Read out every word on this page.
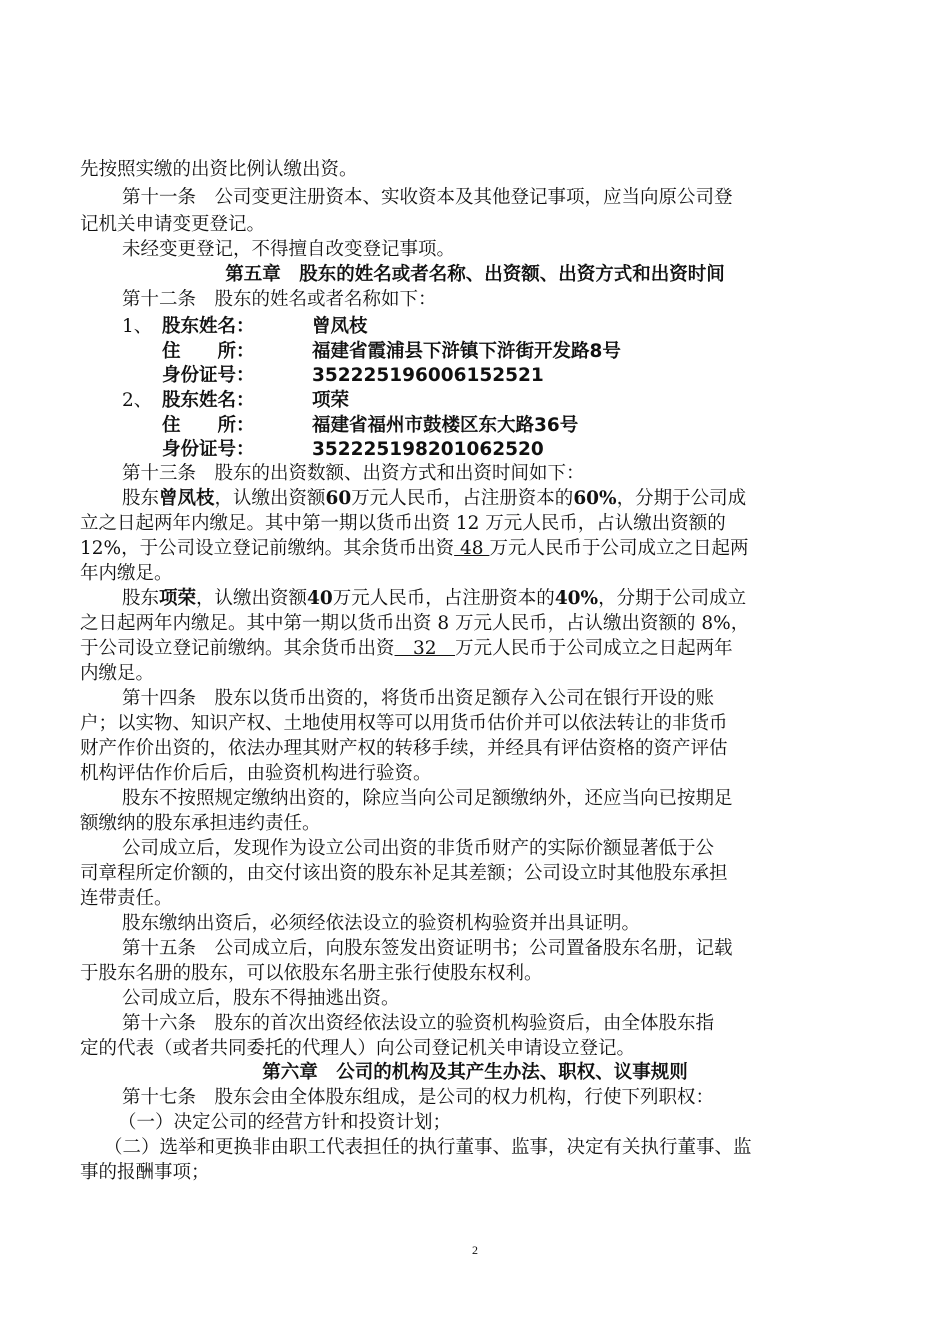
先按照实缴的出资比例认缴出资。
第十一条　公司变更注册资本、实收资本及其他登记事项，应当向原公司登
记机关申请变更登记。
未经变更登记，不得擅自改变登记事项。
第五章　股东的姓名或者名称、出资额、出资方式和出资时间
第十二条　股东的姓名或者名称如下：
1、 股东姓名：	曾凤枝
住　　所：	福建省霞浦县下浒镇下浒街开发路8号
身份证号：	352225196006152521
2、 股东姓名：	项荣
住　　所：	福建省福州市鼓楼区东大路36号
身份证号：	352225198201062520
第十三条　股东的出资数额、出资方式和出资时间如下：
股东曾凤枝，认缴出资额60万元人民币，占注册资本的60%，分期于公司成
立之日起两年内缴足。其中第一期以货币出资 12 万元人民币，占认缴出资额的
12%，于公司设立登记前缴纳。其余货币出资 48 万元人民币于公司成立之日起两
年内缴足。
股东项荣，认缴出资额40万元人民币，占注册资本的40%，分期于公司成立
之日起两年内缴足。其中第一期以货币出资 8 万元人民币，占认缴出资额的 8%，
于公司设立登记前缴纳。其余货币出资　32　万元人民币于公司成立之日起两年
内缴足。
第十四条　股东以货币出资的，将货币出资足额存入公司在银行开设的账
户；以实物、知识产权、土地使用权等可以用货币估价并可以依法转让的非货币
财产作价出资的，依法办理其财产权的转移手续，并经具有评估资格的资产评估
机构评估作价后后，由验资机构进行验资。
股东不按照规定缴纳出资的，除应当向公司足额缴纳外，还应当向已按期足
额缴纳的股东承担违约责任。
公司成立后，发现作为设立公司出资的非货币财产的实际价额显著低于公
司章程所定价额的，由交付该出资的股东补足其差额；公司设立时其他股东承担
连带责任。
股东缴纳出资后，必须经依法设立的验资机构验资并出具证明。
第十五条　公司成立后，向股东签发出资证明书；公司置备股东名册，记载
于股东名册的股东，可以依股东名册主张行使股东权利。
公司成立后，股东不得抽逃出资。
第十六条　股东的首次出资经依法设立的验资机构验资后，由全体股东指
定的代表（或者共同委托的代理人）向公司登记机关申请设立登记。
第六章　公司的机构及其产生办法、职权、议事规则
第十七条　股东会由全体股东组成，是公司的权力机构，行使下列职权：
（一）决定公司的经营方针和投资计划；
（二）选举和更换非由职工代表担任的执行董事、监事，决定有关执行董事、监
事的报酬事项；
2
